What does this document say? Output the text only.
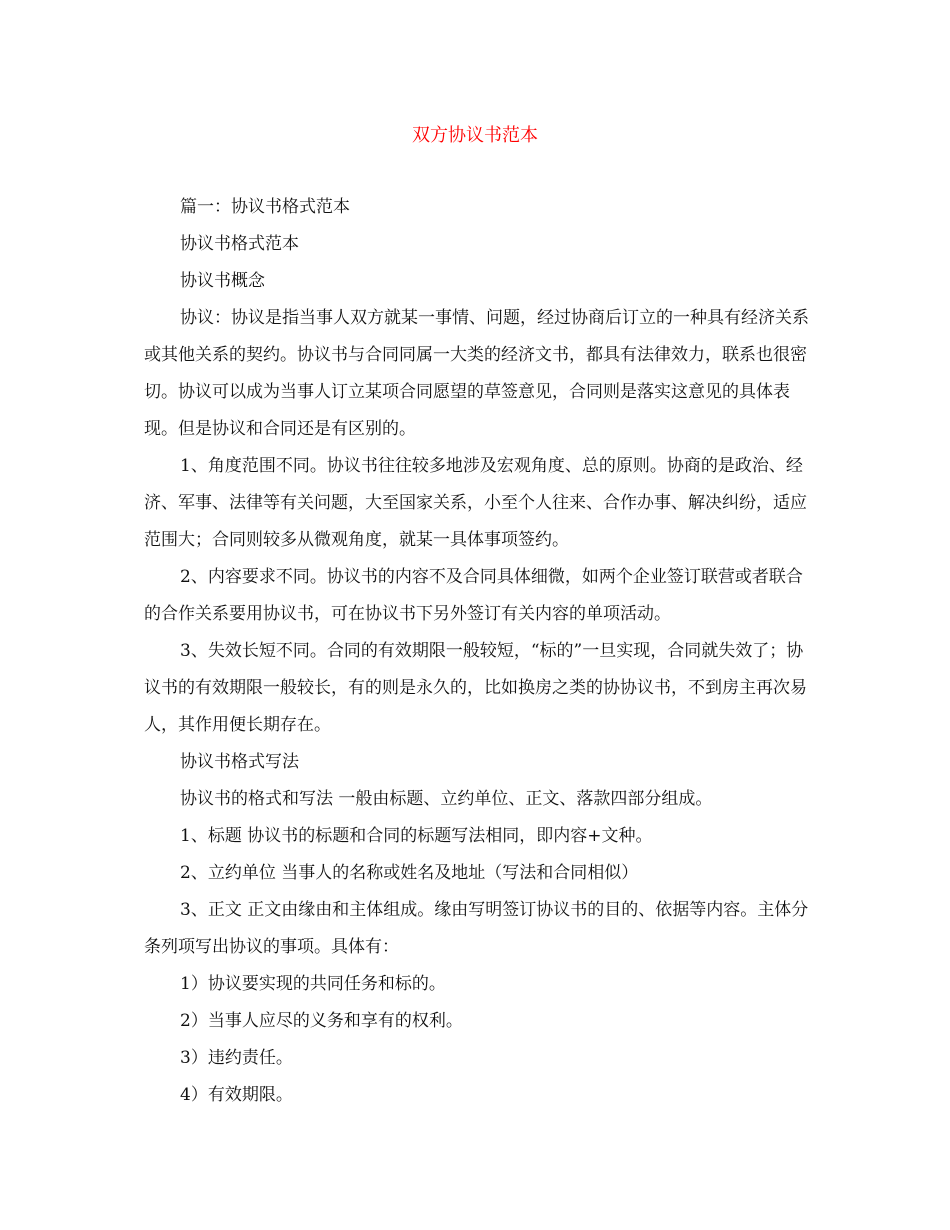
双方协议书范本

篇一：协议书格式范本

协议书格式范本

协议书概念

协议：协议是指当事人双方就某一事情、问题，经过协商后订立的一种具有经济关系或其他关系的契约。协议书与合同同属一大类的经济文书，都具有法律效力，联系也很密切。协议可以成为当事人订立某项合同愿望的草签意见，合同则是落实这意见的具体表现。但是协议和合同还是有区别的。

1、角度范围不同。协议书往往较多地涉及宏观角度、总的原则。协商的是政治、经济、军事、法律等有关问题，大至国家关系，小至个人往来、合作办事、解决纠纷，适应范围大；合同则较多从微观角度，就某一具体事项签约。

2、内容要求不同。协议书的内容不及合同具体细微，如两个企业签订联营或者联合的合作关系要用协议书，可在协议书下另外签订有关内容的单项活动。

3、失效长短不同。合同的有效期限一般较短，“标的”一旦实现，合同就失效了；协议书的有效期限一般较长，有的则是永久的，比如换房之类的协协议书，不到房主再次易人，其作用便长期存在。

协议书格式写法

协议书的格式和写法 一般由标题、立约单位、正文、落款四部分组成。

1、标题 协议书的标题和合同的标题写法相同，即内容+文种。

2、立约单位 当事人的名称或姓名及地址（写法和合同相似）

3、正文 正文由缘由和主体组成。缘由写明签订协议书的目的、依据等内容。主体分条列项写出协议的事项。具体有：

1）协议要实现的共同任务和标的。

2）当事人应尽的义务和享有的权利。

3）违约责任。

4）有效期限。
